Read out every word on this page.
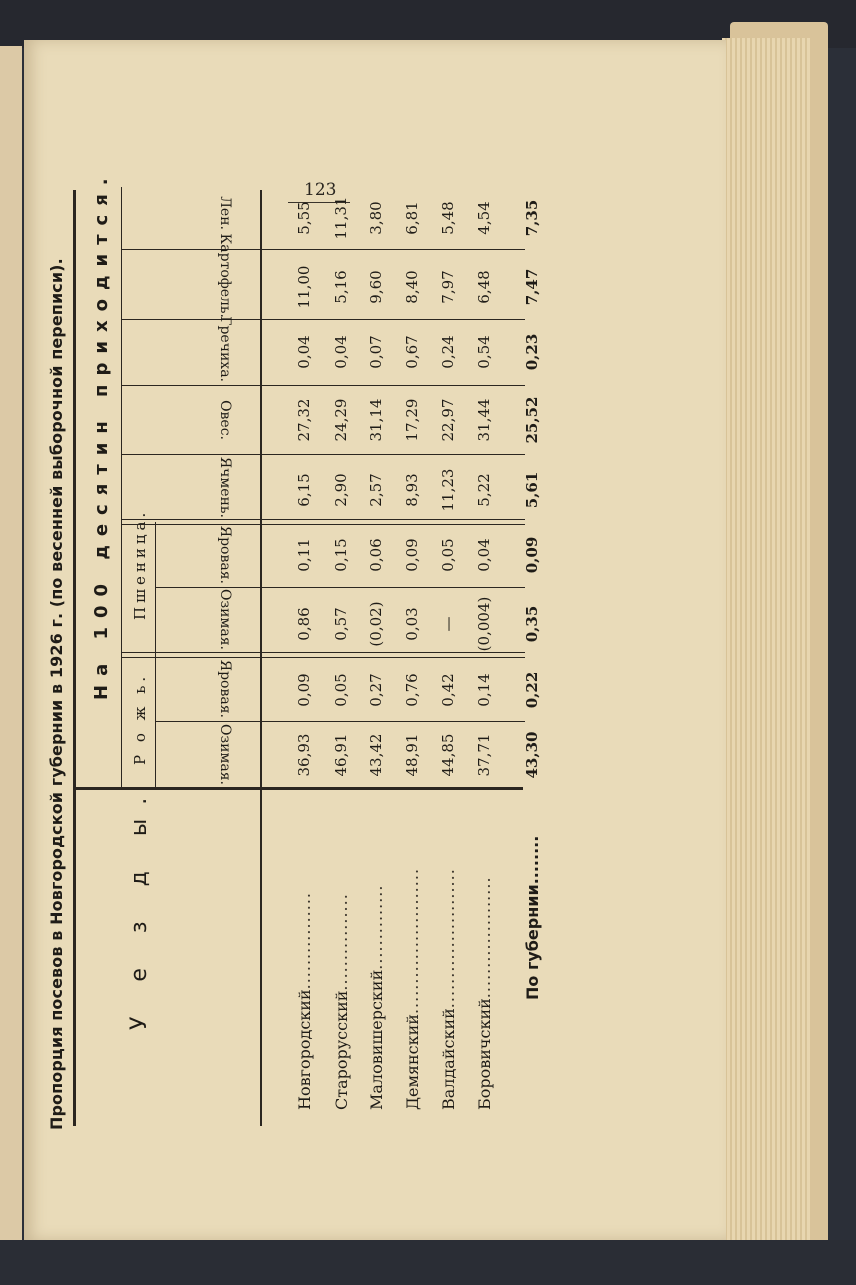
123
Пропорция посевов в Новгородской губернии в 1926 г. (по весенней выборочной переписи).	У е з д ы.
На 100 десятин приходится.
Р о ж ь.
Пшеница.
Озимая.
Яровая.
Озимая.
Яровая.
Ячмень.
Овес.
Гречиха.
Картофель.
Лен.
Новгородский................
36,93
0,09
0,86
0,11
6,15
27,32
0,04
11,00
5,55
Старорусский................
46,91
0,05
0,57
0,15
2,90
24,29
0,04
5,16
11,31
Маловишерский..............
43,42
0,27
(0,02)
0,06
2,57
31,14
0,07
9,60
3,80
Демянский........................
48,91
0,76
0,03
0,09
8,93
17,29
0,67
8,40
6,81
Валдайский.......................
44,85
0,42
—
0,05
11,23
22,97
0,24
7,97
5,48
Боровичский....................
37,71
0,14
(0,004)
0,04
5,22
31,44
0,54
6,48
4,54
По губернии........
43,30
0,22
0,35
0,09
5,61
25,52
0,23
7,47
7,35
